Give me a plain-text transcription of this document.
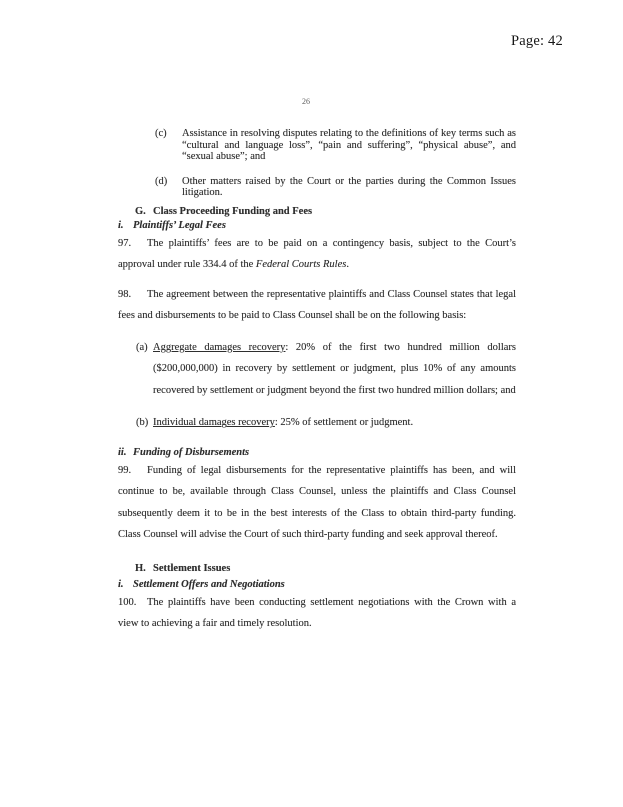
Page: 42
26
(c)	Assistance in resolving disputes relating to the definitions of key terms such as “cultural and language loss”, “pain and suffering”, “physical abuse”, and “sexual abuse”; and
(d)	Other matters raised by the Court or the parties during the Common Issues litigation.
G. Class Proceeding Funding and Fees
i. Plaintiffs’ Legal Fees
97. The plaintiffs’ fees are to be paid on a contingency basis, subject to the Court’s approval under rule 334.4 of the Federal Courts Rules.
98. The agreement between the representative plaintiffs and Class Counsel states that legal fees and disbursements to be paid to Class Counsel shall be on the following basis:
(a) Aggregate damages recovery: 20% of the first two hundred million dollars ($200,000,000) in recovery by settlement or judgment, plus 10% of any amounts recovered by settlement or judgment beyond the first two hundred million dollars; and
(b) Individual damages recovery: 25% of settlement or judgment.
ii. Funding of Disbursements
99. Funding of legal disbursements for the representative plaintiffs has been, and will continue to be, available through Class Counsel, unless the plaintiffs and Class Counsel subsequently deem it to be in the best interests of the Class to obtain third-party funding. Class Counsel will advise the Court of such third-party funding and seek approval thereof.
H. Settlement Issues
i. Settlement Offers and Negotiations
100. The plaintiffs have been conducting settlement negotiations with the Crown with a view to achieving a fair and timely resolution.
